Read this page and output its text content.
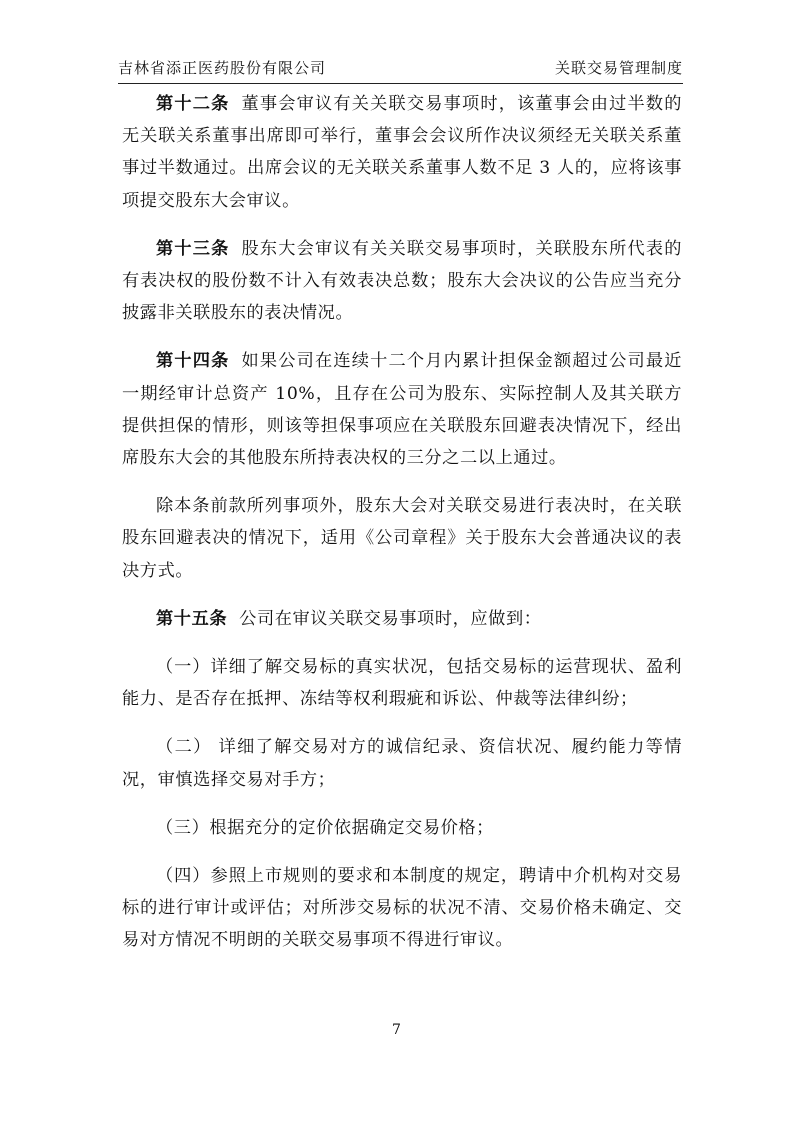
吉林省添正医药股份有限公司	关联交易管理制度

第十二条 董事会审议有关关联交易事项时，该董事会由过半数的无关联关系董事出席即可举行，董事会会议所作决议须经无关联关系董事过半数通过。出席会议的无关联关系董事人数不足 3 人的，应将该事项提交股东大会审议。

第十三条 股东大会审议有关关联交易事项时，关联股东所代表的有表决权的股份数不计入有效表决总数；股东大会决议的公告应当充分披露非关联股东的表决情况。

第十四条 如果公司在连续十二个月内累计担保金额超过公司最近一期经审计总资产 10%，且存在公司为股东、实际控制人及其关联方提供担保的情形，则该等担保事项应在关联股东回避表决情况下，经出席股东大会的其他股东所持表决权的三分之二以上通过。

除本条前款所列事项外，股东大会对关联交易进行表决时，在关联股东回避表决的情况下，适用《公司章程》关于股东大会普通决议的表决方式。

第十五条 公司在审议关联交易事项时，应做到：

（一）详细了解交易标的真实状况，包括交易标的运营现状、盈利能力、是否存在抵押、冻结等权利瑕疵和诉讼、仲裁等法律纠纷；

（二） 详细了解交易对方的诚信纪录、资信状况、履约能力等情况，审慎选择交易对手方；

（三）根据充分的定价依据确定交易价格；

（四）参照上市规则的要求和本制度的规定，聘请中介机构对交易标的进行审计或评估；对所涉交易标的状况不清、交易价格未确定、交易对方情况不明朗的关联交易事项不得进行审议。

7
